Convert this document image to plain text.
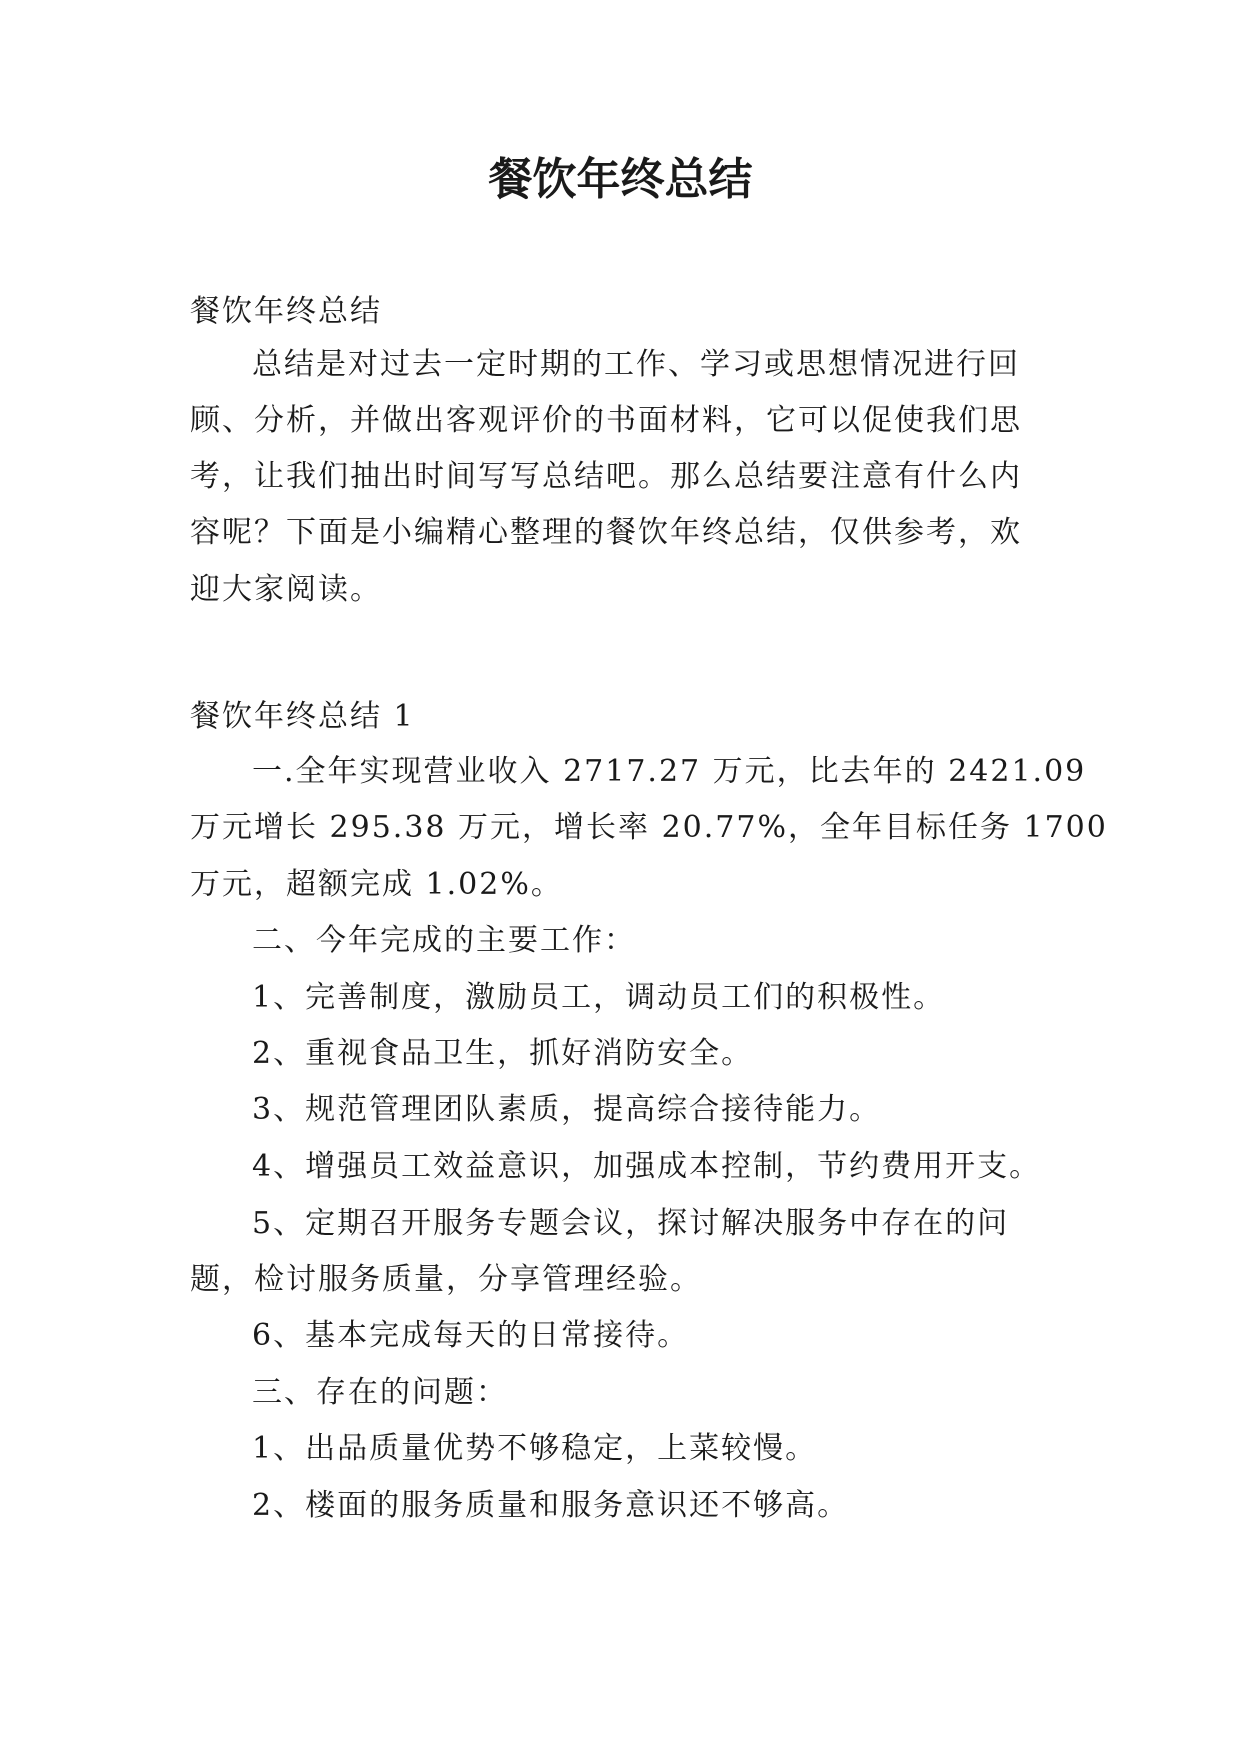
餐饮年终总结
餐饮年终总结
总结是对过去一定时期的工作、学习或思想情况进行回
顾、分析，并做出客观评价的书面材料，它可以促使我们思
考，让我们抽出时间写写总结吧。那么总结要注意有什么内
容呢？下面是小编精心整理的餐饮年终总结，仅供参考，欢
迎大家阅读。
餐饮年终总结 1
一.全年实现营业收入 2717.27 万元，比去年的 2421.09
万元增长 295.38 万元，增长率 20.77%，全年目标任务 1700
万元，超额完成 1.02%。
二、今年完成的主要工作：
1、完善制度，激励员工，调动员工们的积极性。
2、重视食品卫生，抓好消防安全。
3、规范管理团队素质，提高综合接待能力。
4、增强员工效益意识，加强成本控制，节约费用开支。
5、定期召开服务专题会议，探讨解决服务中存在的问
题，检讨服务质量，分享管理经验。
6、基本完成每天的日常接待。
三、存在的问题：
1、出品质量优势不够稳定，上菜较慢。
2、楼面的服务质量和服务意识还不够高。
